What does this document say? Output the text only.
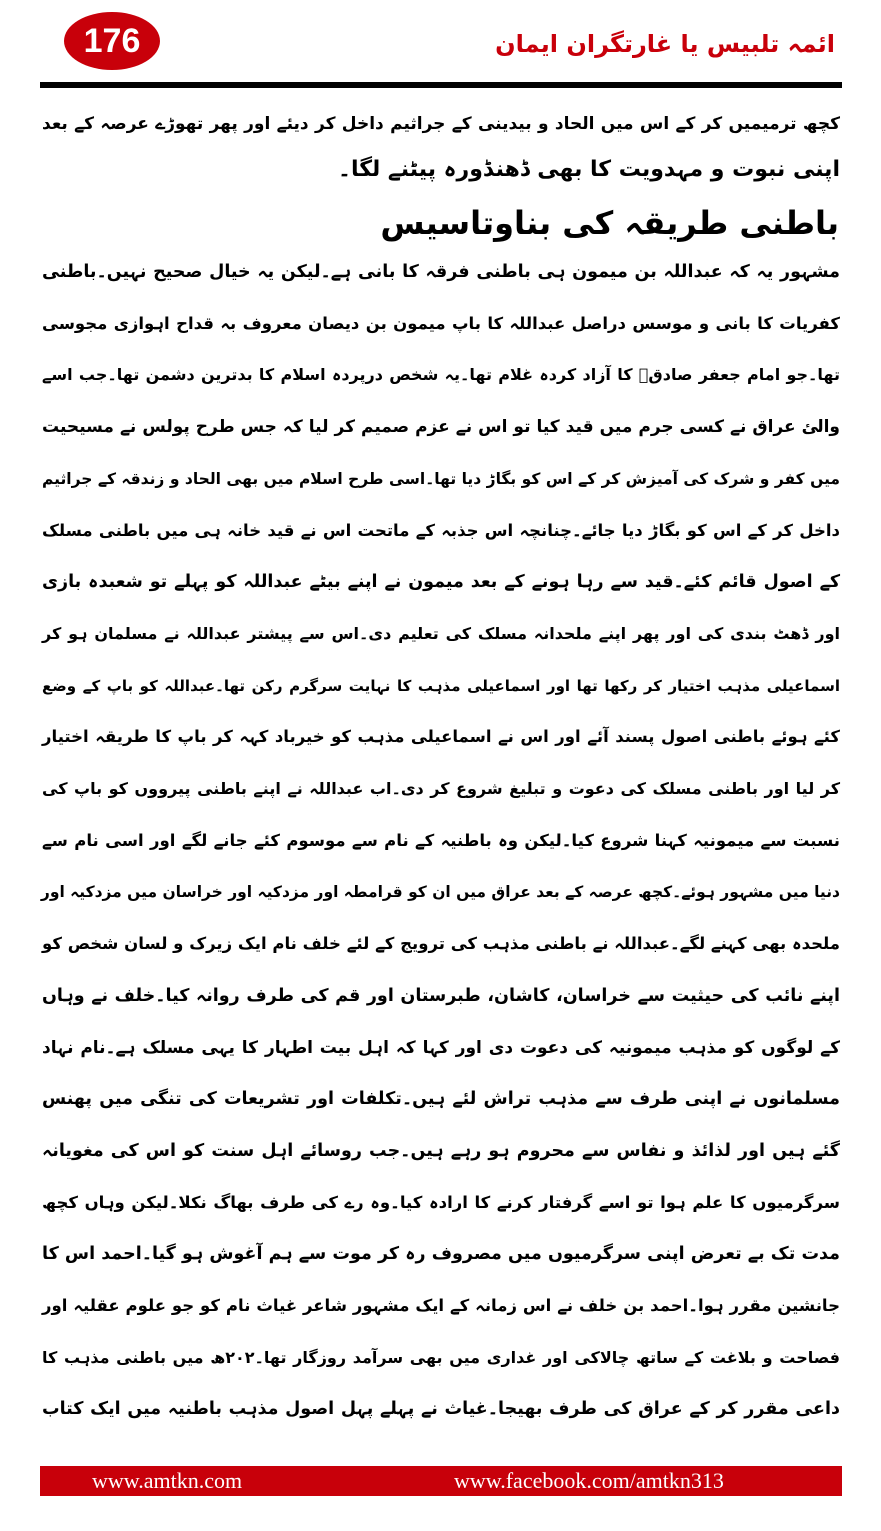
176	ائمہ تلبیس یا غارتگران ایمان
کچھ ترمیمیں کر کے اس میں الحاد و بیدینی کے جراثیم داخل کر دیئے اور پھر تھوڑے عرصہ کے بعد
اپنی نبوت و مہدویت کا بھی ڈھنڈورہ پیٹنے لگا۔
باطنی طریقہ کی بناوتاسیس
مشہور یہ کہ عبداللہ بن میمون ہی باطنی فرقہ کا بانی ہے۔لیکن یہ خیال صحیح نہیں۔باطنی
کفریات کا بانی و موسس دراصل عبداللہ کا باپ میمون بن دیصان معروف بہ قداح اہوازی مجوسی
تھا۔جو امام جعفر صادقؒ کا آزاد کردہ غلام تھا۔یہ شخص درپردہ اسلام کا بدترین دشمن تھا۔جب اسے
والئ عراق نے کسی جرم میں قید کیا تو اس نے عزم صمیم کر لیا کہ جس طرح پولس نے مسیحیت
میں کفر و شرک کی آمیزش کر کے اس کو بگاڑ دیا تھا۔اسی طرح اسلام میں بھی الحاد و زندقہ کے جراثیم
داخل کر کے اس کو بگاڑ دیا جائے۔چنانچہ اس جذبہ کے ماتحت اس نے قید خانہ ہی میں باطنی مسلک
کے اصول قائم کئے۔قید سے رہا ہونے کے بعد میمون نے اپنے بیٹے عبداللہ کو پہلے تو شعبدہ بازی
اور ڈھٹ بندی کی اور پھر اپنے ملحدانہ مسلک کی تعلیم دی۔اس سے پیشتر عبداللہ نے مسلمان ہو کر
اسماعیلی مذہب اختیار کر رکھا تھا اور اسماعیلی مذہب کا نہایت سرگرم رکن تھا۔عبداللہ کو باپ کے وضع
کئے ہوئے باطنی اصول پسند آئے اور اس نے اسماعیلی مذہب کو خیرباد کہہ کر باپ کا طریقہ اختیار
کر لیا اور باطنی مسلک کی دعوت و تبلیغ شروع کر دی۔اب عبداللہ نے اپنے باطنی پیرووں کو باپ کی
نسبت سے میمونیہ کہنا شروع کیا۔لیکن وہ باطنیہ کے نام سے موسوم کئے جانے لگے اور اسی نام سے
دنیا میں مشہور ہوئے۔کچھ عرصہ کے بعد عراق میں ان کو قرامطہ اور مزدکیہ اور خراسان میں مزدکیہ اور
ملحدہ بھی کہنے لگے۔عبداللہ نے باطنی مذہب کی ترویج کے لئے خلف نام ایک زیرک و لسان شخص کو
اپنے نائب کی حیثیت سے خراسان، کاشان، طبرستان اور قم کی طرف روانہ کیا۔خلف نے وہاں
کے لوگوں کو مذہب میمونیہ کی دعوت دی اور کہا کہ اہل بیت اطہار کا یہی مسلک ہے۔نام نہاد
مسلمانوں نے اپنی طرف سے مذہب تراش لئے ہیں۔تکلفات اور تشریعات کی تنگی میں پھنس
گئے ہیں اور لذائذ و نفاس سے محروم ہو رہے ہیں۔جب روسائے اہل سنت کو اس کی مغویانہ
سرگرمیوں کا علم ہوا تو اسے گرفتار کرنے کا ارادہ کیا۔وہ رے کی طرف بھاگ نکلا۔لیکن وہاں کچھ
مدت تک بے تعرض اپنی سرگرمیوں میں مصروف رہ کر موت سے ہم آغوش ہو گیا۔احمد اس کا
جانشین مقرر ہوا۔احمد بن خلف نے اس زمانہ کے ایک مشہور شاعر غیاث نام کو جو علوم عقلیہ اور
فصاحت و بلاغت کے ساتھ چالاکی اور غداری میں بھی سرآمد روزگار تھا۔۲۰۲ھ میں باطنی مذہب کا
داعی مقرر کر کے عراق کی طرف بھیجا۔غیاث نے پہلے پہل اصول مذہب باطنیہ میں ایک کتاب
www.amtkn.com	www.facebook.com/amtkn313
